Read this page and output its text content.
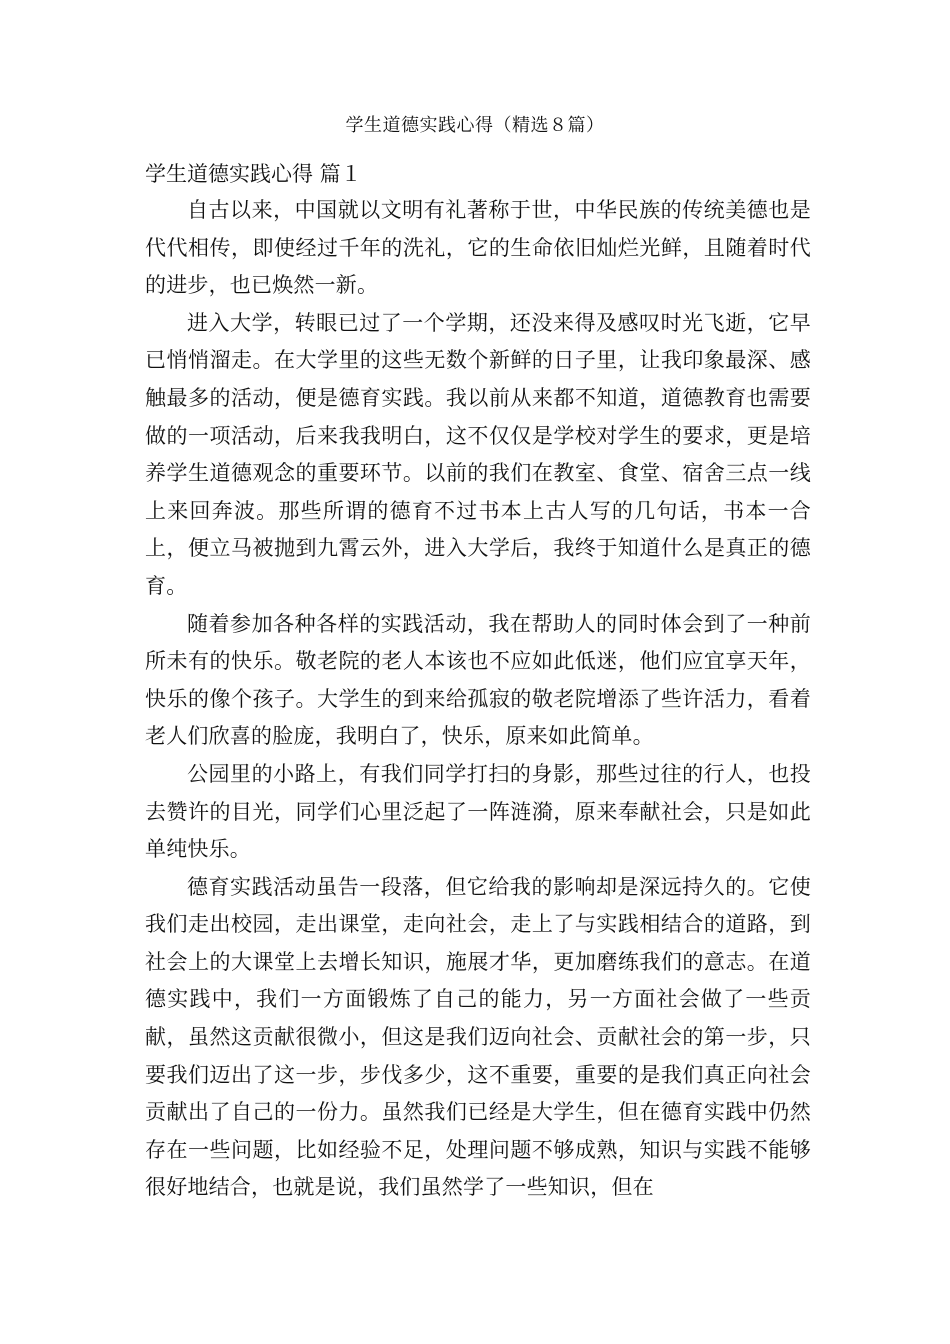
学生道德实践心得（精选８篇）
学生道德实践心得 篇１

自古以来，中国就以文明有礼著称于世，中华民族的传统美德也是代代相传，即使经过千年的洗礼，它的生命依旧灿烂光鲜，且随着时代的进步，也已焕然一新。

进入大学，转眼已过了一个学期，还没来得及感叹时光飞逝，它早已悄悄溜走。在大学里的这些无数个新鲜的日子里，让我印象最深、感触最多的活动，便是德育实践。我以前从来都不知道，道德教育也需要做的一项活动，后来我我明白，这不仅仅是学校对学生的要求，更是培养学生道德观念的重要环节。以前的我们在教室、食堂、宿舍三点一线上来回奔波。那些所谓的德育不过书本上古人写的几句话，书本一合上，便立马被抛到九霄云外，进入大学后，我终于知道什么是真正的德育。

随着参加各种各样的实践活动，我在帮助人的同时体会到了一种前所未有的快乐。敬老院的老人本该也不应如此低迷，他们应宜享天年，快乐的像个孩子。大学生的到来给孤寂的敬老院增添了些许活力，看着老人们欣喜的脸庞，我明白了，快乐，原来如此简单。

公园里的小路上，有我们同学打扫的身影，那些过往的行人，也投去赞许的目光，同学们心里泛起了一阵涟漪，原来奉献社会，只是如此单纯快乐。

德育实践活动虽告一段落，但它给我的影响却是深远持久的。它使我们走出校园，走出课堂，走向社会，走上了与实践相结合的道路，到社会上的大课堂上去增长知识，施展才华，更加磨练我们的意志。在道德实践中，我们一方面锻炼了自己的能力，另一方面社会做了一些贡献，虽然这贡献很微小，但这是我们迈向社会、贡献社会的第一步，只要我们迈出了这一步，步伐多少，这不重要，重要的是我们真正向社会贡献出了自己的一份力。虽然我们已经是大学生，但在德育实践中仍然存在一些问题，比如经验不足，处理问题不够成熟，知识与实践不能够很好地结合，也就是说，我们虽然学了一些知识，但在
